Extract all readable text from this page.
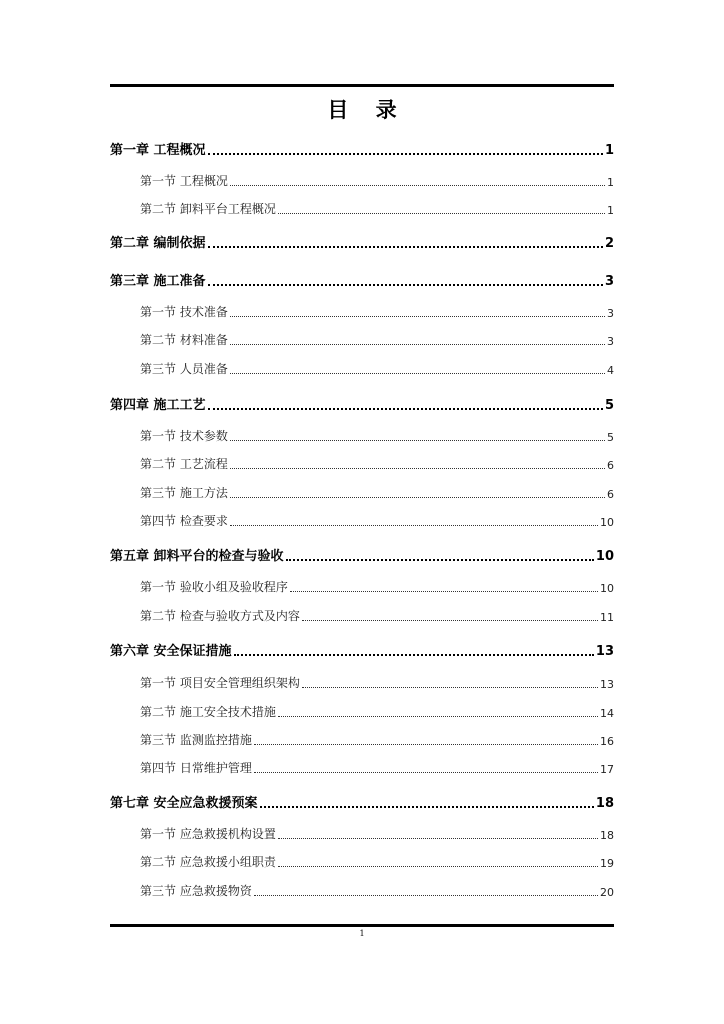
目 录
第一章 工程概况	1
第一节 工程概况	1
第二节 卸料平台工程概况	1
第二章 编制依据	2
第三章 施工准备	3
第一节 技术准备	3
第二节 材料准备	3
第三节 人员准备	4
第四章 施工工艺	5
第一节 技术参数	5
第二节 工艺流程	6
第三节 施工方法	6
第四节 检查要求	10
第五章 卸料平台的检查与验收	10
第一节 验收小组及验收程序	10
第二节 检查与验收方式及内容	11
第六章 安全保证措施	13
第一节 项目安全管理组织架构	13
第二节 施工安全技术措施	14
第三节 监测监控措施	16
第四节 日常维护管理	17
第七章 安全应急救援预案	18
第一节 应急救援机构设置	18
第二节 应急救援小组职责	19
第三节 应急救援物资	20
1
